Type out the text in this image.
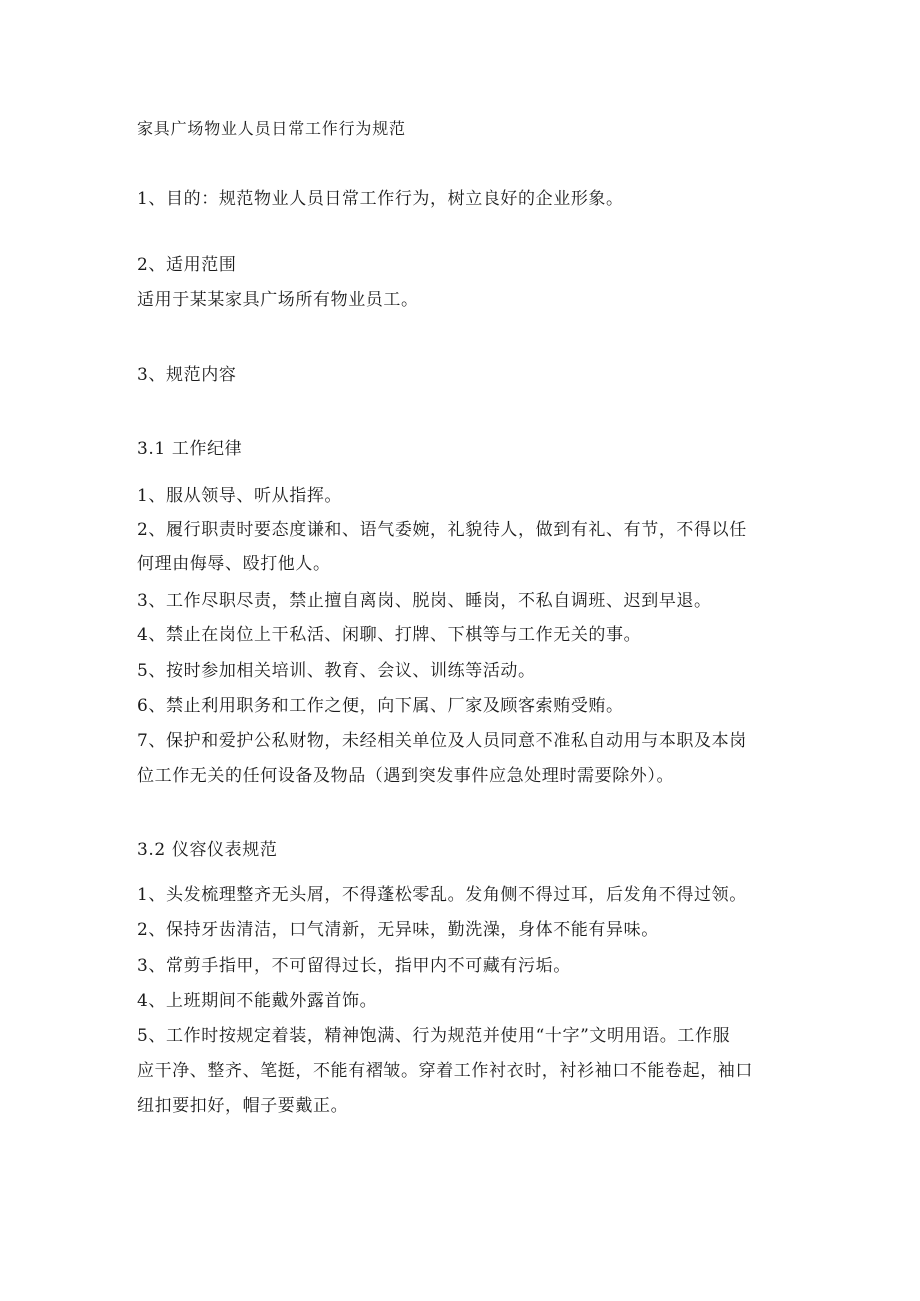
家具广场物业人员日常工作行为规范
1、目的：规范物业人员日常工作行为，树立良好的企业形象。
2、适用范围
适用于某某家具广场所有物业员工。
3、规范内容
3.1 工作纪律
1、服从领导、听从指挥。
2、履行职责时要态度谦和、语气委婉，礼貌待人，做到有礼、有节，不得以任
何理由侮辱、殴打他人。
3、工作尽职尽责，禁止擅自离岗、脱岗、睡岗，不私自调班、迟到早退。
4、禁止在岗位上干私活、闲聊、打牌、下棋等与工作无关的事。
5、按时参加相关培训、教育、会议、训练等活动。
6、禁止利用职务和工作之便，向下属、厂家及顾客索贿受贿。
7、保护和爱护公私财物，未经相关单位及人员同意不准私自动用与本职及本岗
位工作无关的任何设备及物品（遇到突发事件应急处理时需要除外）。
3.2 仪容仪表规范
1、头发梳理整齐无头屑，不得蓬松零乱。发角侧不得过耳，后发角不得过领。
2、保持牙齿清洁，口气清新，无异味，勤洗澡，身体不能有异味。
3、常剪手指甲，不可留得过长，指甲内不可藏有污垢。
4、上班期间不能戴外露首饰。
5、工作时按规定着装，精神饱满、行为规范并使用“十字”文明用语。工作服
应干净、整齐、笔挺，不能有褶皱。穿着工作衬衣时，衬衫袖口不能卷起，袖口
纽扣要扣好，帽子要戴正。
